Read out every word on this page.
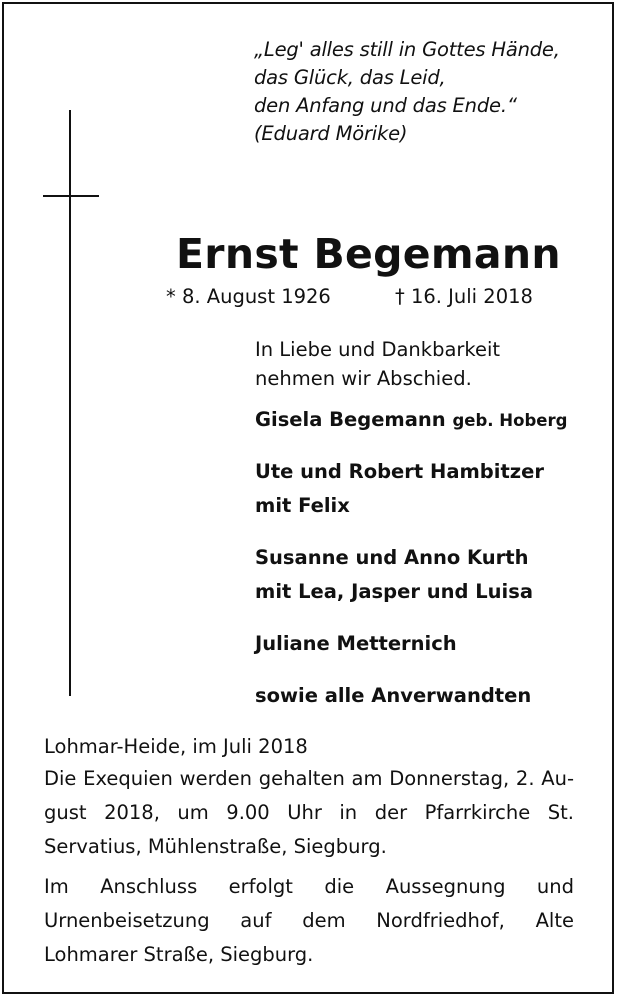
„Leg' alles still in Gottes Hände,
das Glück, das Leid,
den Anfang und das Ende.“
(Eduard Mörike)
Ernst Begemann
* 8. August 1926	† 16. Juli 2018
In Liebe und Dankbarkeit
nehmen wir Abschied.
Gisela Begemann geb. Hoberg
Ute und Robert Hambitzer
mit Felix
Susanne und Anno Kurth
mit Lea, Jasper und Luisa
Juliane Metternich
sowie alle Anverwandten
Lohmar-Heide, im Juli 2018
Die Exequien werden gehalten am Donnerstag, 2. August 2018, um 9.00 Uhr in der Pfarrkirche St. Servatius, Mühlenstraße, Siegburg.
Im Anschluss erfolgt die Aussegnung und Urnenbeisetzung auf dem Nordfriedhof, Alte Lohmarer Straße, Siegburg.
